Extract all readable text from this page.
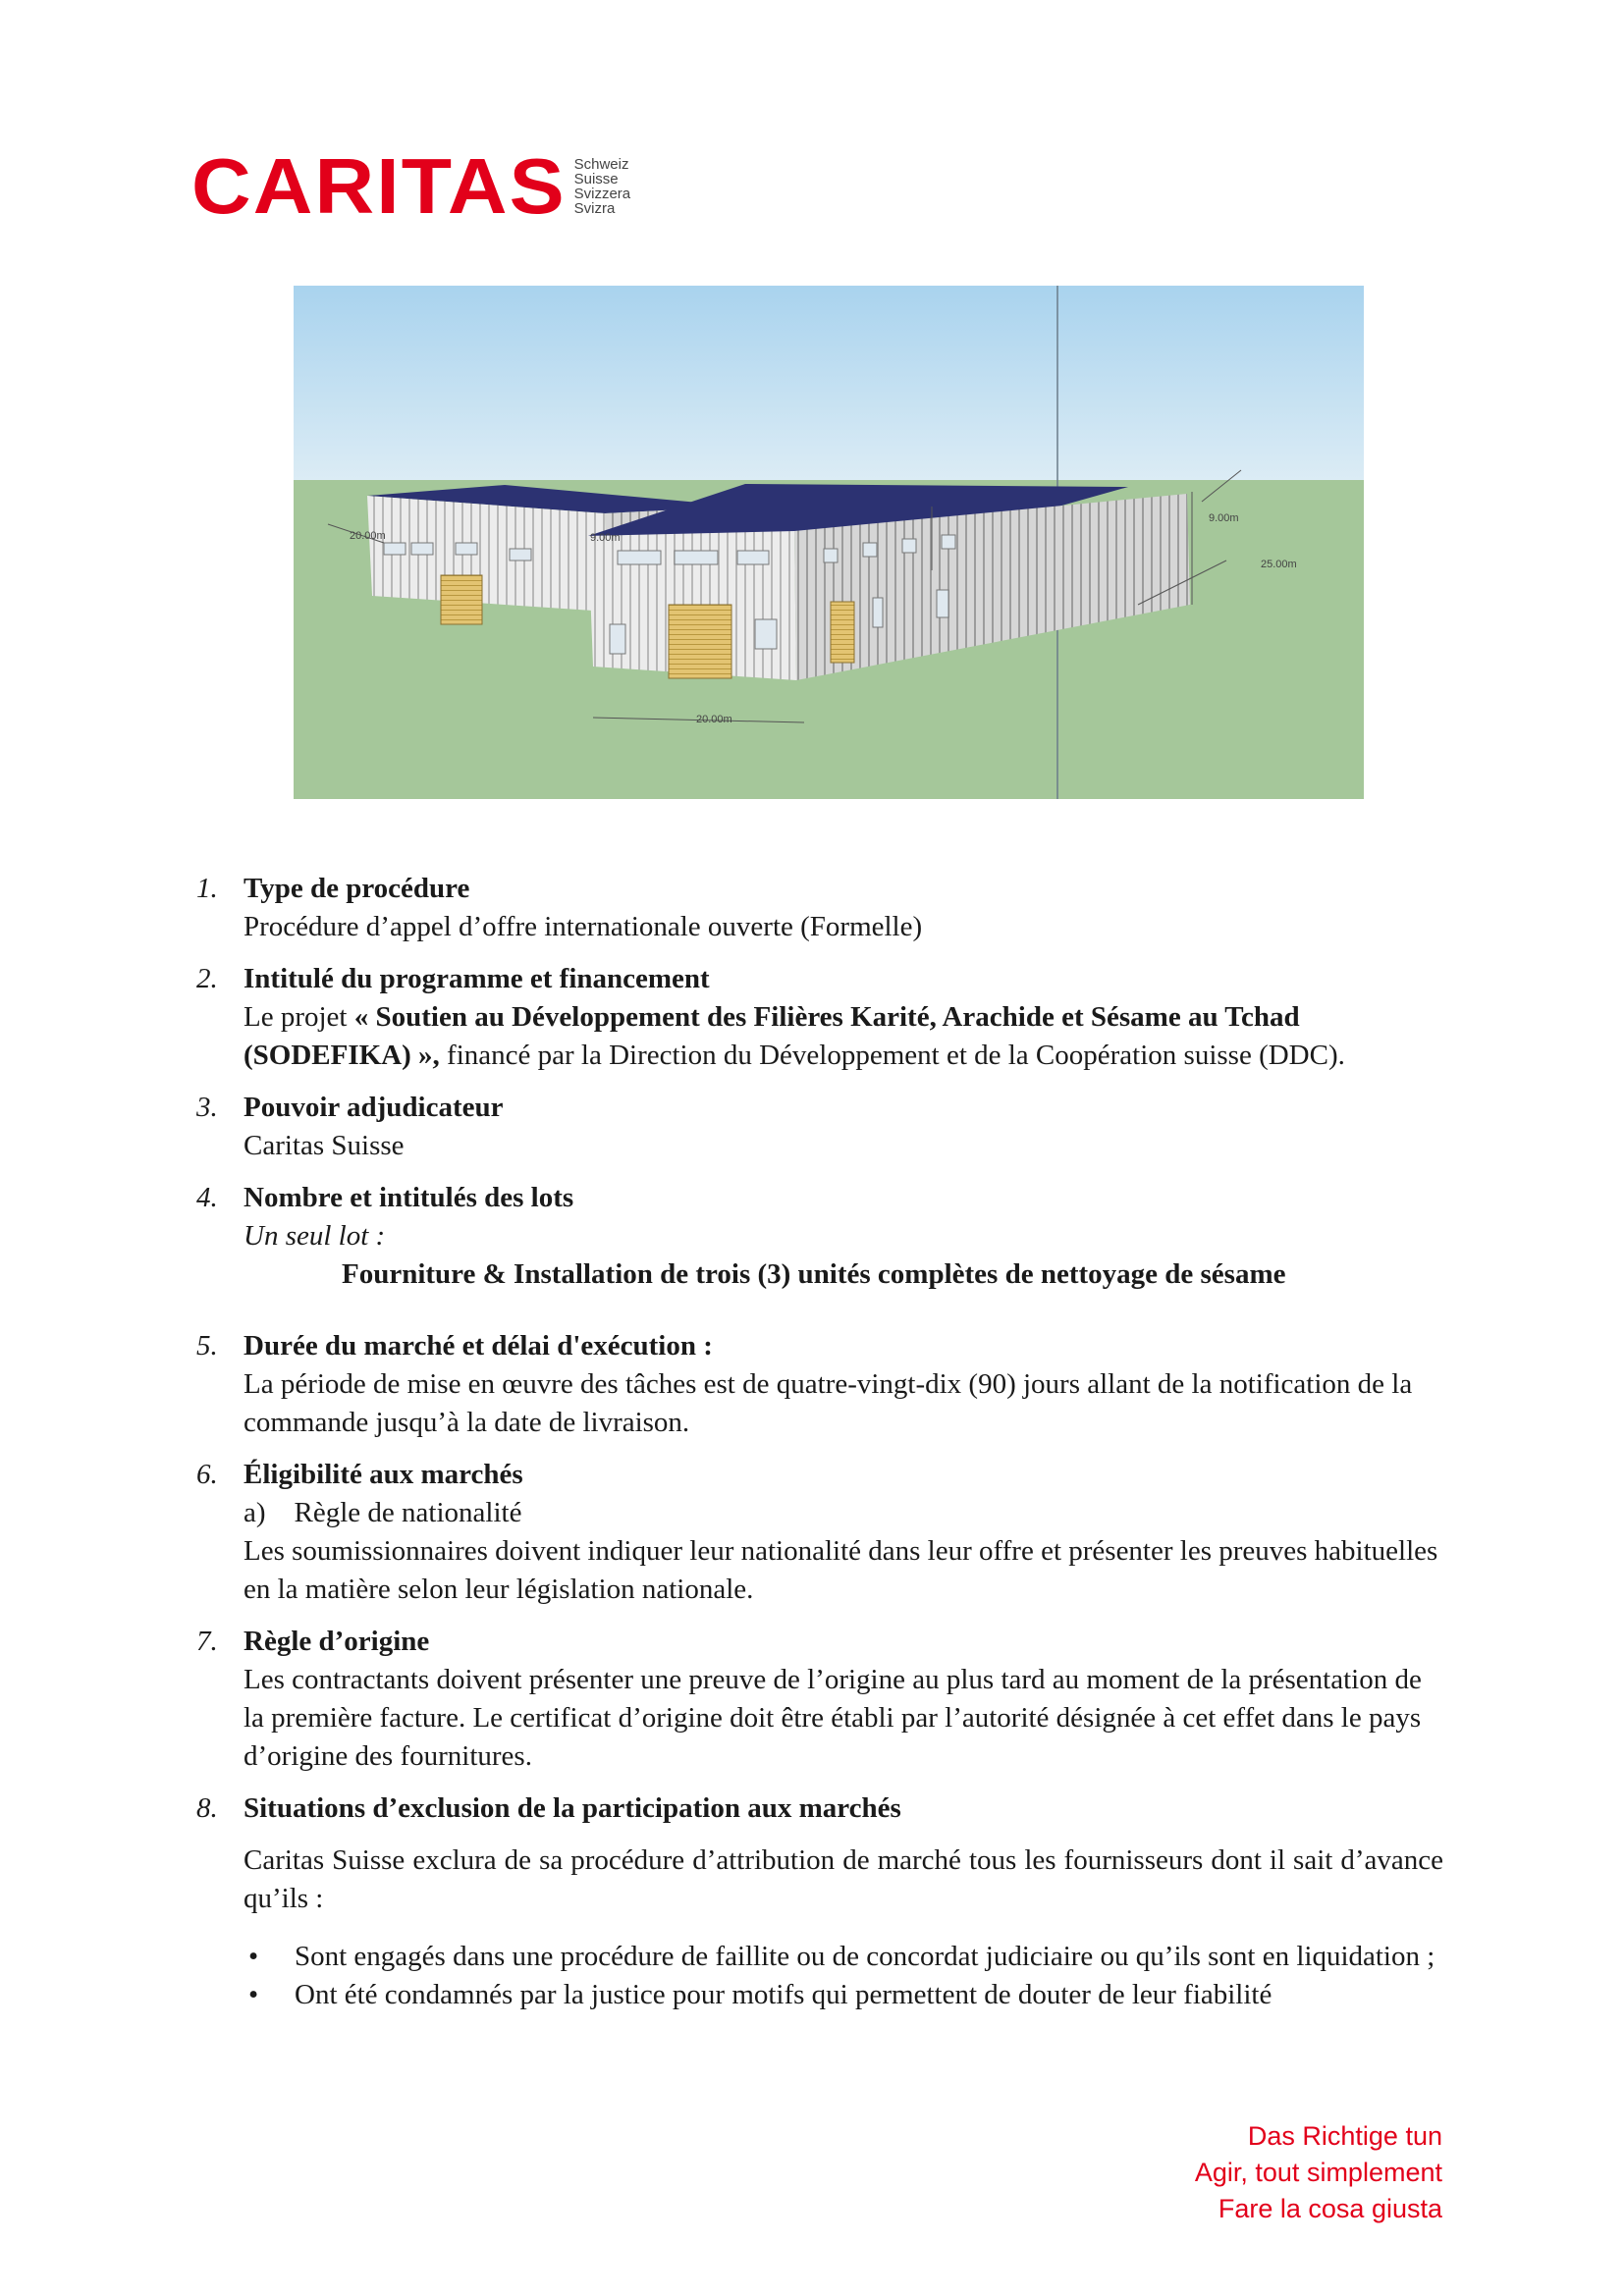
CARITAS Schweiz
Suisse
Svizzera
Svizra
20.00m
20.00m
9.00m
9.00m
25.00m
1. Type de procédure
Procédure d’appel d’offre internationale ouverte (Formelle)
2. Intitulé du programme et financement
Le projet « Soutien au Développement des Filières Karité, Arachide et Sésame au Tchad (SODEFIKA) », financé par la Direction du Développement et de la Coopération suisse (DDC).
3. Pouvoir adjudicateur
Caritas Suisse
4. Nombre et intitulés des lots
Un seul lot :
Fourniture & Installation de trois (3) unités complètes de nettoyage de sésame
5. Durée du marché et délai d'exécution :
La période de mise en œuvre des tâches est de quatre-vingt-dix (90) jours allant de la notification de la commande jusqu’à la date de livraison.
6. Éligibilité aux marchés
a) Règle de nationalité
Les soumissionnaires doivent indiquer leur nationalité dans leur offre et présenter les preuves habituelles en la matière selon leur législation nationale.
7. Règle d’origine
Les contractants doivent présenter une preuve de l’origine au plus tard au moment de la présentation de la première facture. Le certificat d’origine doit être établi par l’autorité désignée à cet effet dans le pays d’origine des fournitures.
8. Situations d’exclusion de la participation aux marchés
Caritas Suisse exclura de sa procédure d’attribution de marché tous les fournisseurs dont il sait d’avance qu’ils :
• Sont engagés dans une procédure de faillite ou de concordat judiciaire ou qu’ils sont en liquidation ;
• Ont été condamnés par la justice pour motifs qui permettent de douter de leur fiabilité
Das Richtige tun
Agir, tout simplement
Fare la cosa giusta
